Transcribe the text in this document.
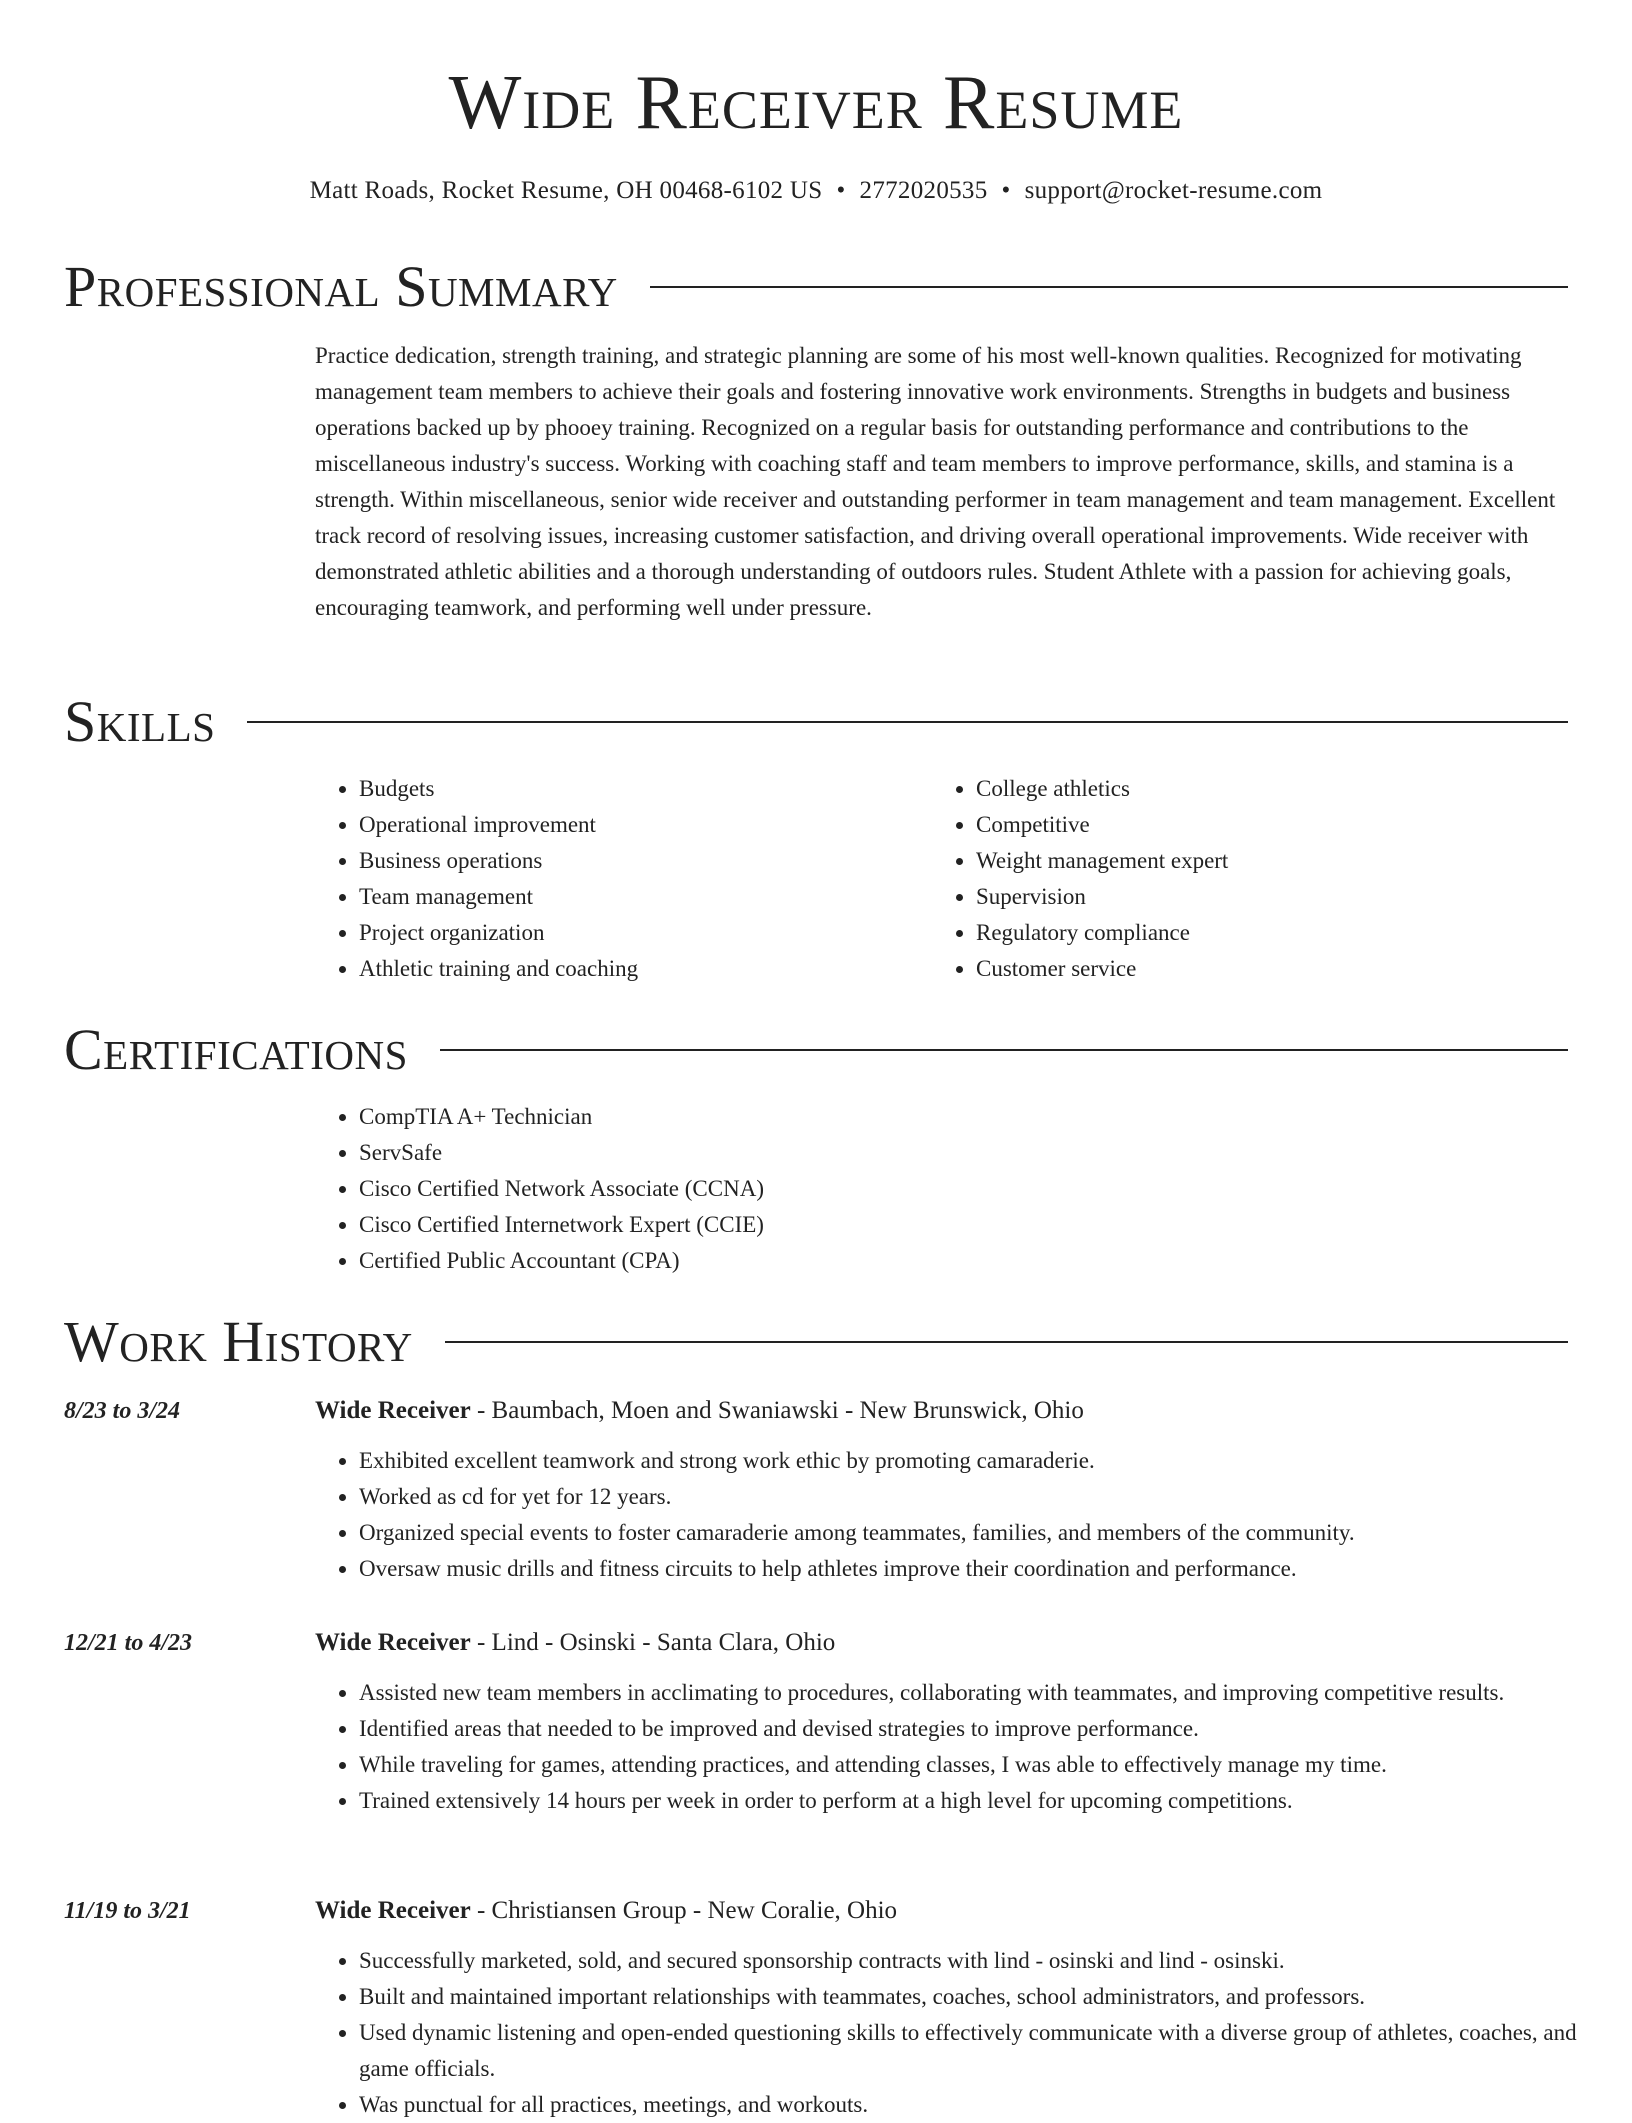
Wide Receiver Resume
Matt Roads, Rocket Resume, OH 00468-6102 US • 2772020535 • support@rocket-resume.com
Professional Summary

Practice dedication, strength training, and strategic planning are some of his most well-known qualities. Recognized for motivating management team members to achieve their goals and fostering innovative work environments. Strengths in budgets and business operations backed up by phooey training. Recognized on a regular basis for outstanding performance and contributions to the miscellaneous industry's success. Working with coaching staff and team members to improve performance, skills, and stamina is a strength. Within miscellaneous, senior wide receiver and outstanding performer in team management and team management. Excellent track record of resolving issues, increasing customer satisfaction, and driving overall operational improvements. Wide receiver with demonstrated athletic abilities and a thorough understanding of outdoors rules. Student Athlete with a passion for achieving goals, encouraging teamwork, and performing well under pressure.

Skills
• Budgets
• Operational improvement
• Business operations
• Team management
• Project organization
• Athletic training and coaching
• College athletics
• Competitive
• Weight management expert
• Supervision
• Regulatory compliance
• Customer service
Certifications
• CompTIA A+ Technician
• ServSafe
• Cisco Certified Network Associate (CCNA)
• Cisco Certified Internetwork Expert (CCIE)
• Certified Public Accountant (CPA)
Work History
8/23 to 3/24	Wide Receiver - Baumbach, Moen and Swaniawski - New Brunswick, Ohio
• Exhibited excellent teamwork and strong work ethic by promoting camaraderie.
• Worked as cd for yet for 12 years.
• Organized special events to foster camaraderie among teammates, families, and members of the community.
• Oversaw music drills and fitness circuits to help athletes improve their coordination and performance.
12/21 to 4/23	Wide Receiver - Lind - Osinski - Santa Clara, Ohio
• Assisted new team members in acclimating to procedures, collaborating with teammates, and improving competitive results.
• Identified areas that needed to be improved and devised strategies to improve performance.
• While traveling for games, attending practices, and attending classes, I was able to effectively manage my time.
• Trained extensively 14 hours per week in order to perform at a high level for upcoming competitions.
11/19 to 3/21	Wide Receiver - Christiansen Group - New Coralie, Ohio
• Successfully marketed, sold, and secured sponsorship contracts with lind - osinski and lind - osinski.
• Built and maintained important relationships with teammates, coaches, school administrators, and professors.
• Used dynamic listening and open-ended questioning skills to effectively communicate with a diverse group of athletes, coaches, and game officials.
• Was punctual for all practices, meetings, and workouts.
